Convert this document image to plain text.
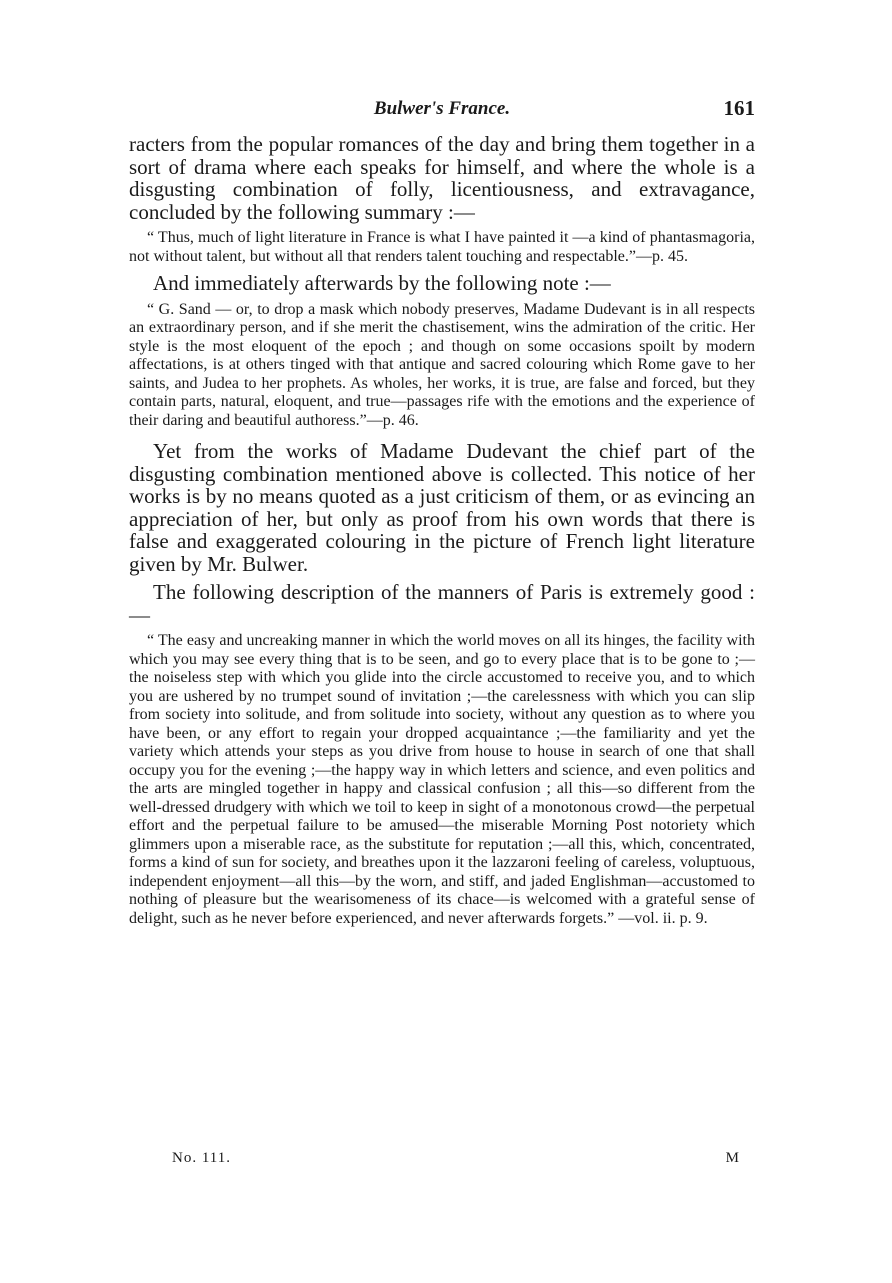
Bulwer's France.	161

racters from the popular romances of the day and bring them together in a sort of drama where each speaks for himself, and where the whole is a disgusting combination of folly, licentiousness, and extravagance, concluded by the following summary :—

“ Thus, much of light literature in France is what I have painted it —a kind of phantasmagoria, not without talent, but without all that renders talent touching and respectable.”—p. 45.

And immediately afterwards by the following note :—

“ G. Sand — or, to drop a mask which nobody preserves, Madame Dudevant is in all respects an extraordinary person, and if she merit the chastisement, wins the admiration of the critic. Her style is the most eloquent of the epoch ; and though on some occasions spoilt by modern affectations, is at others tinged with that antique and sacred colouring which Rome gave to her saints, and Judea to her prophets. As wholes, her works, it is true, are false and forced, but they contain parts, natural, eloquent, and true—passages rife with the emotions and the experience of their daring and beautiful authoress.”—p. 46.

Yet from the works of Madame Dudevant the chief part of the disgusting combination mentioned above is collected. This notice of her works is by no means quoted as a just criticism of them, or as evincing an appreciation of her, but only as proof from his own words that there is false and exaggerated colouring in the picture of French light literature given by Mr. Bulwer.

The following description of the manners of Paris is extremely good :—

“ The easy and uncreaking manner in which the world moves on all its hinges, the facility with which you may see every thing that is to be seen, and go to every place that is to be gone to ;—the noiseless step with which you glide into the circle accustomed to receive you, and to which you are ushered by no trumpet sound of invitation ;—the carelessness with which you can slip from society into solitude, and from solitude into society, without any question as to where you have been, or any effort to regain your dropped acquaintance ;—the familiarity and yet the variety which attends your steps as you drive from house to house in search of one that shall occupy you for the evening ;—the happy way in which letters and science, and even politics and the arts are mingled together in happy and classical confusion ; all this—so different from the well-dressed drudgery with which we toil to keep in sight of a monotonous crowd—the perpetual effort and the perpetual failure to be amused—the miserable Morning Post notoriety which glimmers upon a miserable race, as the substitute for reputation ;—all this, which, concentrated, forms a kind of sun for society, and breathes upon it the lazzaroni feeling of careless, voluptuous, independent enjoyment—all this—by the worn, and stiff, and jaded Englishman—accustomed to nothing of pleasure but the wearisomeness of its chace—is welcomed with a grateful sense of delight, such as he never before experienced, and never afterwards forgets.” —vol. ii. p. 9.

No. 111.	M
